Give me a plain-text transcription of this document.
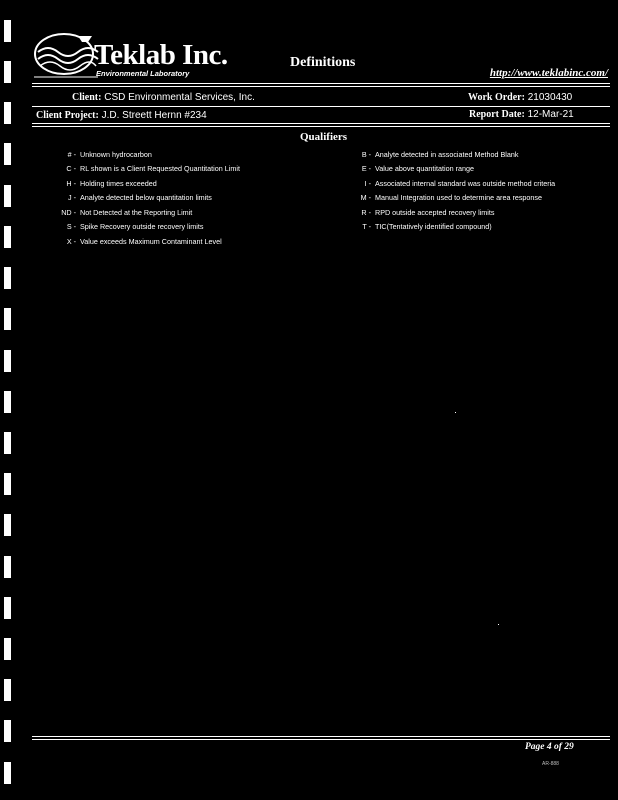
Teklab Inc.
Environmental Laboratory
Definitions
http://www.teklabinc.com/
Client: CSD Environmental Services, Inc.	Work Order: 21030430
Client Project: J.D. Streett Hernn #234	Report Date: 12-Mar-21
Qualifiers
# - Unknown hydrocarbon
C - RL shown is a Client Requested Quantitation Limit
H - Holding times exceeded
J - Analyte detected below quantitation limits
ND - Not Detected at the Reporting Limit
S - Spike Recovery outside recovery limits
X - Value exceeds Maximum Contaminant Level
B - Analyte detected in associated Method Blank
E - Value above quantitation range
I - Associated internal standard was outside method criteria
M - Manual Integration used to determine area response
R - RPD outside accepted recovery limits
T - TIC(Tentatively identified compound)
Page 4 of 29
AR-888
